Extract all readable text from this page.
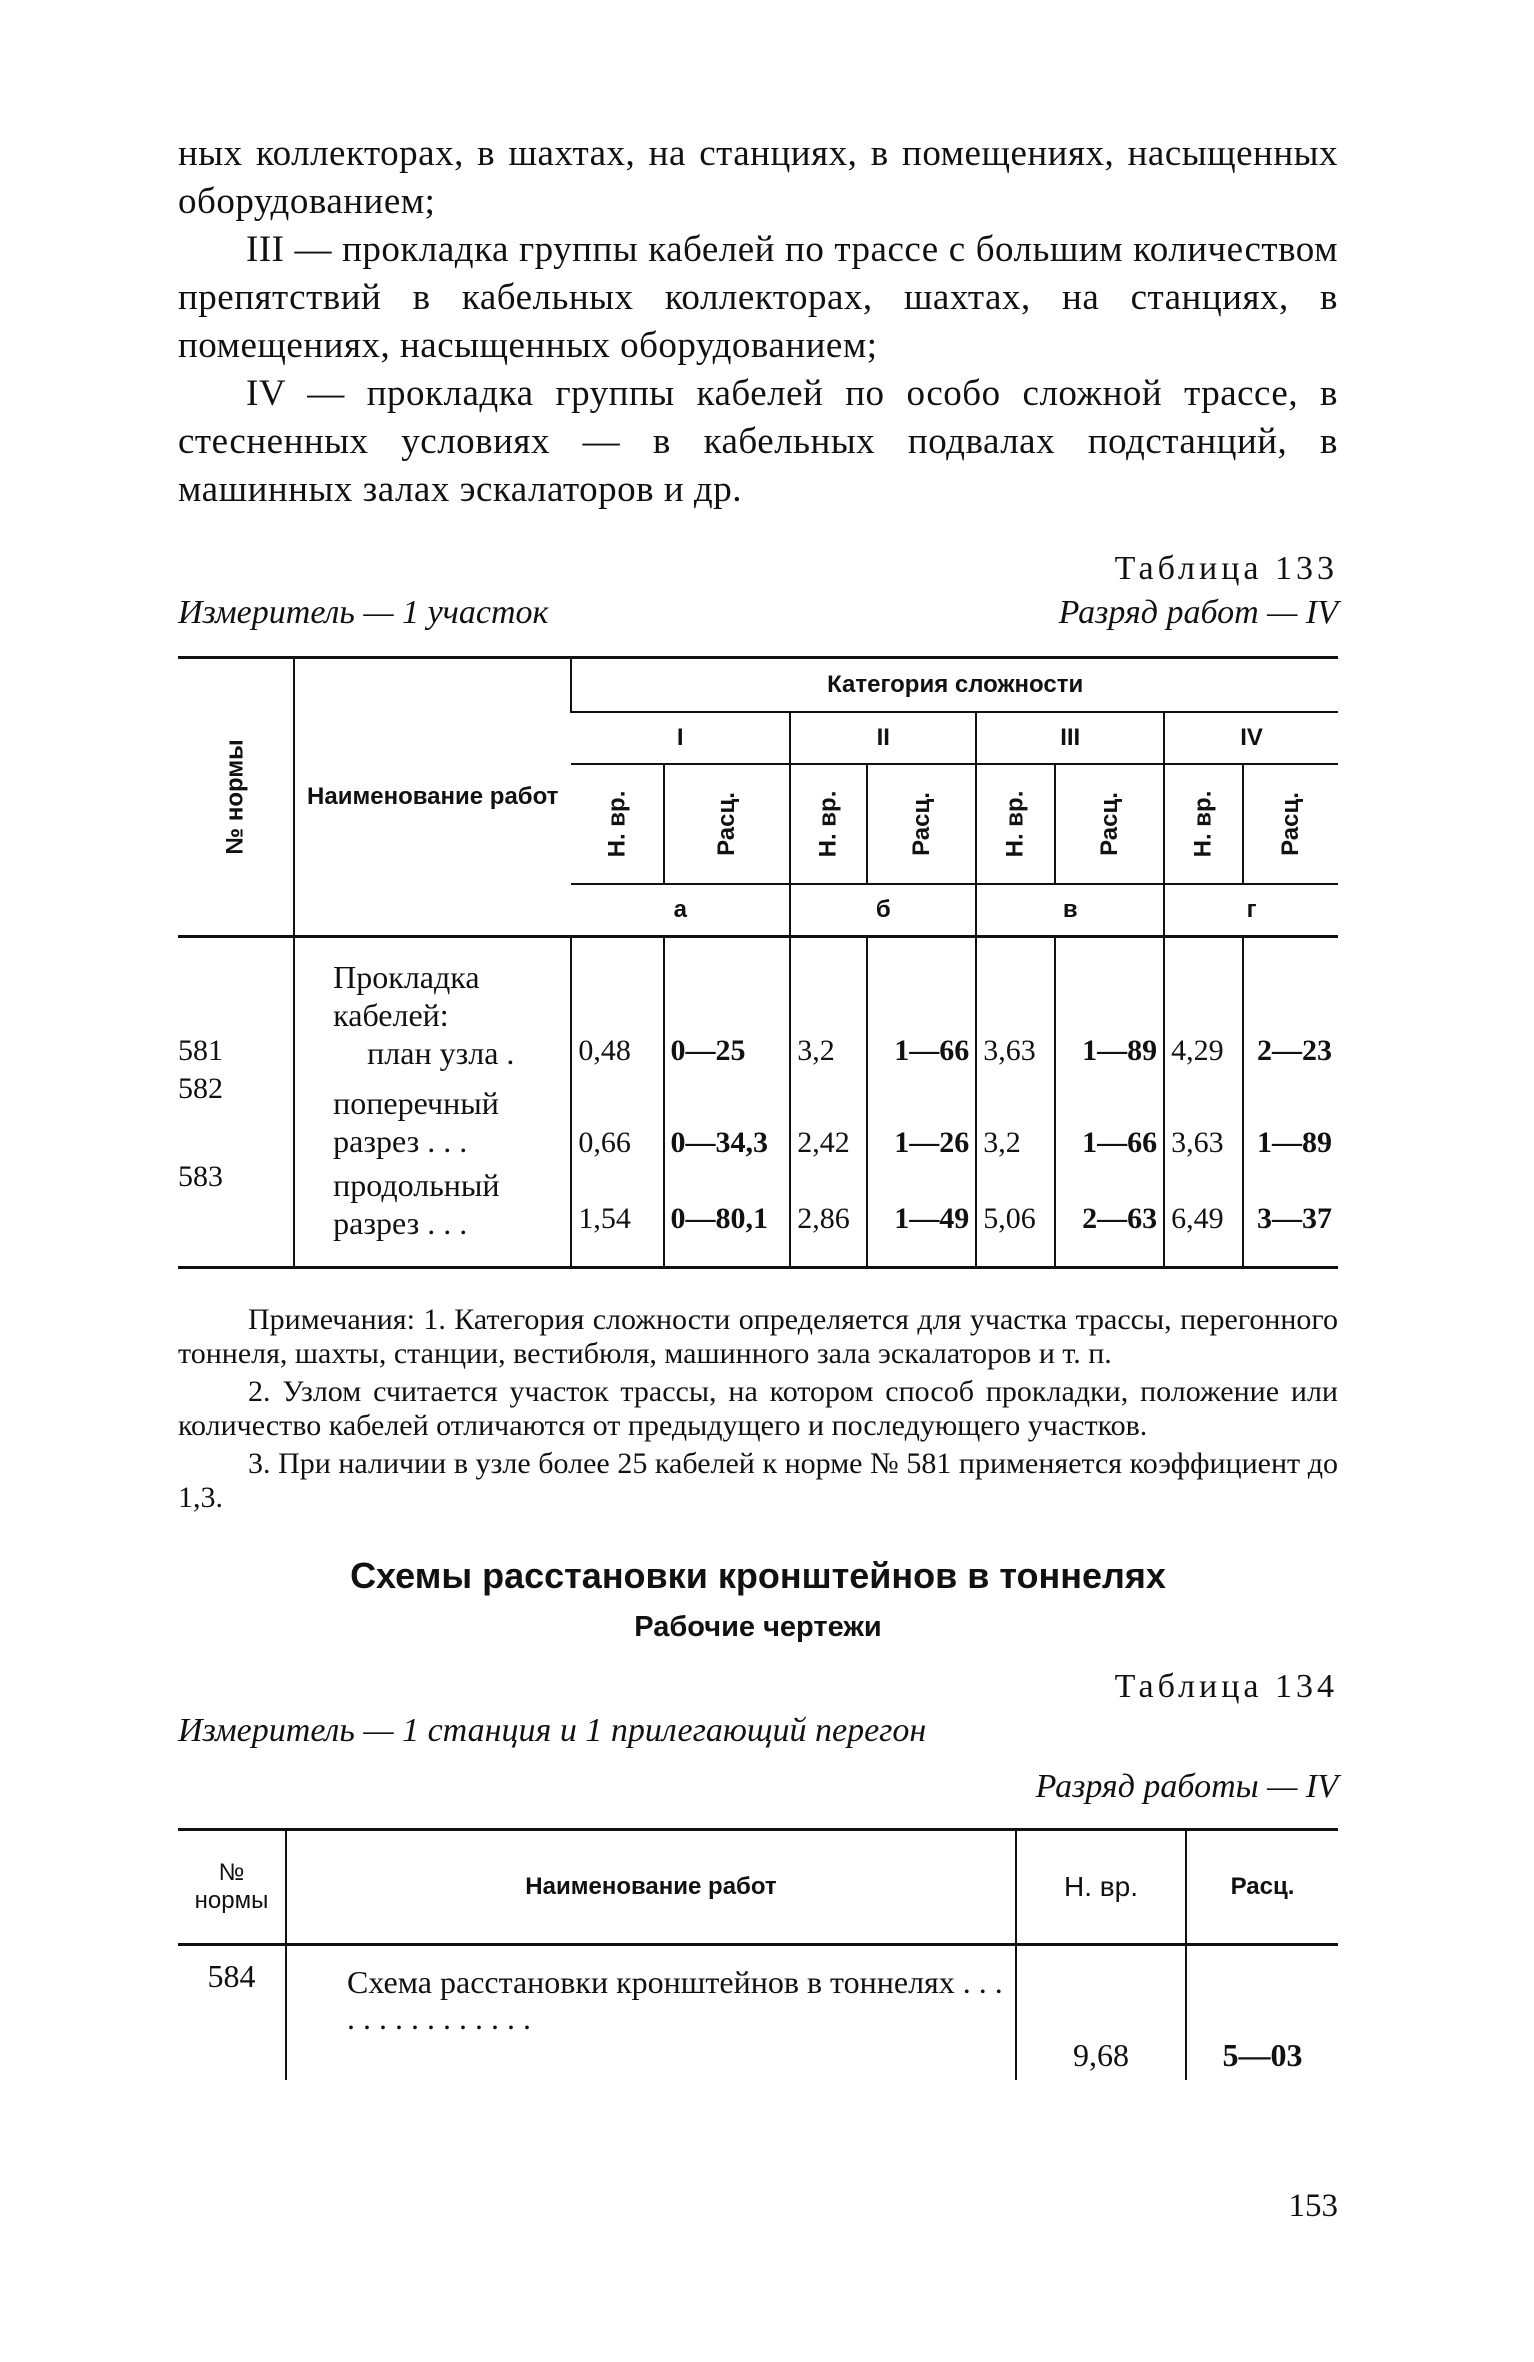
ных коллекторах, в шахтах, на станциях, в помещениях, насыщенных оборудованием;

III — прокладка группы кабелей по трассе с большим количеством препятствий в кабельных коллекторах, шахтах, на станциях, в помещениях, насыщенных оборудованием;

IV — прокладка группы кабелей по особо сложной трассе, в стесненных условиях — в кабельных подвалах подстанций, в машинных залах эскалаторов и др.

Таблица 133

Измеритель — 1 участок	Разряд работ — IV
№ нормы	Наименование работ	Категория сложности							
		I		II		III		IV	
		Н. вр.	Расц.	Н. вр.	Расц.	Н. вр.	Расц.	Н. вр.	Расц.
		а		б		в		г	
	Прокладка кабелей:								
581	план узла .	0,48	0—25	3,2	1—66	3,63	1—89	4,29	2—23
582	поперечный разрез . . .	0,66	0—34,3	2,42	1—26	3,2	1—66	3,63	1—89
583	продольный разрез . . .	1,54	0—80,1	2,86	1—49	5,06	2—63	6,49	3—37

Примечания: 1. Категория сложности определяется для участка трассы, перегонного тоннеля, шахты, станции, вестибюля, машинного зала эскалаторов и т. п.

2. Узлом считается участок трассы, на котором способ прокладки, положение или количество кабелей отличаются от предыдущего и последующего участков.

3. При наличии в узле более 25 кабелей к норме № 581 применяется коэффициент до 1,3.

Схемы расстановки кронштейнов в тоннелях
Рабочие чертежи

Таблица 134

Измеритель — 1 станция и 1 прилегающий перегон

Разряд работы — IV

№ нормы	Наименование работ	Н. вр.	Расц.
584	Схема расстановки кронштейнов в тоннелях . . . . . . . . . . . . . . .	9,68	5—03
153
